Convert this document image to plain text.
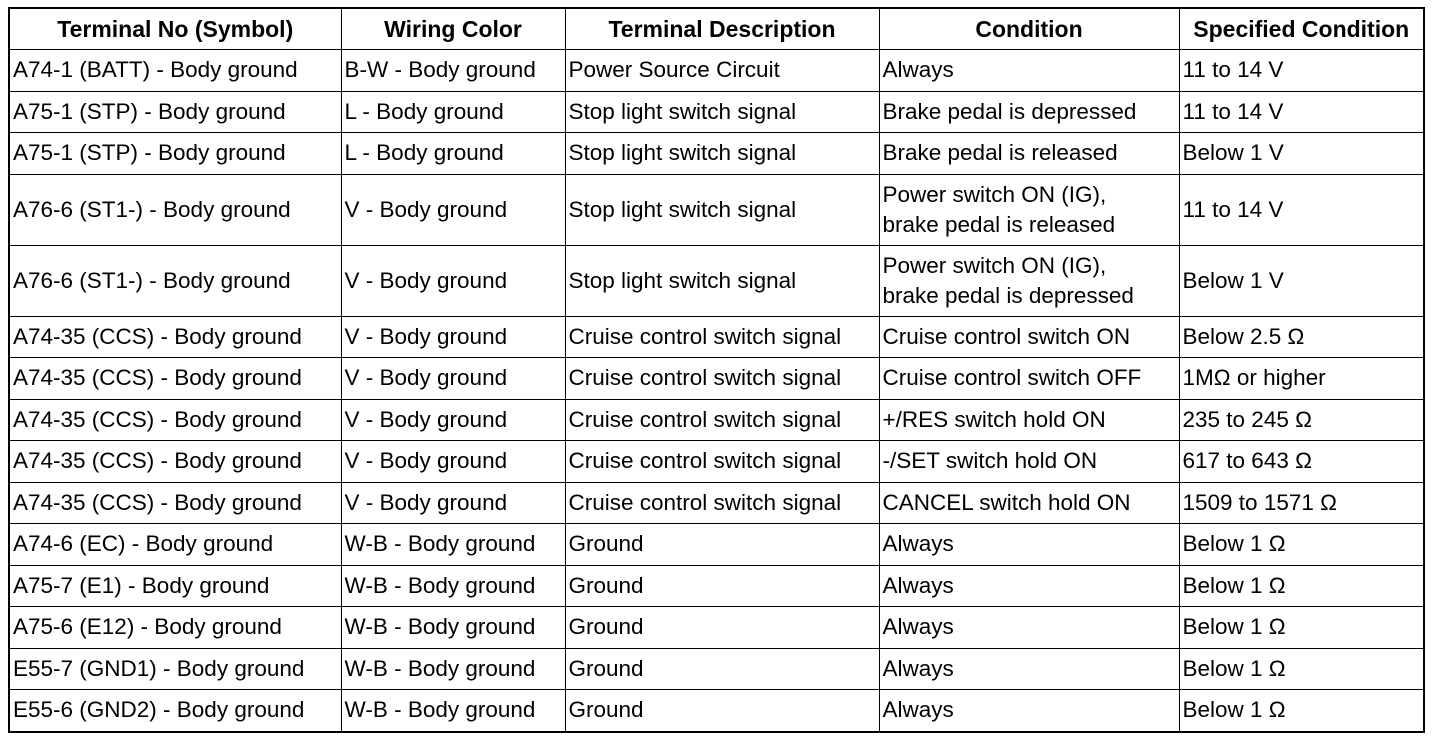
Terminal No (Symbol)	Wiring Color	Terminal Description	Condition	Specified Condition
A74-1 (BATT) - Body ground	B-W - Body ground	Power Source Circuit	Always	11 to 14 V
A75-1 (STP) - Body ground	L - Body ground	Stop light switch signal	Brake pedal is depressed	11 to 14 V
A75-1 (STP) - Body ground	L - Body ground	Stop light switch signal	Brake pedal is released	Below 1 V
A76-6 (ST1-) - Body ground	V - Body ground	Stop light switch signal	Power switch ON (IG),
brake pedal is released	11 to 14 V
A76-6 (ST1-) - Body ground	V - Body ground	Stop light switch signal	Power switch ON (IG),
brake pedal is depressed	Below 1 V
A74-35 (CCS) - Body ground	V - Body ground	Cruise control switch signal	Cruise control switch ON	Below 2.5 Ω
A74-35 (CCS) - Body ground	V - Body ground	Cruise control switch signal	Cruise control switch OFF	1MΩ or higher
A74-35 (CCS) - Body ground	V - Body ground	Cruise control switch signal	+/RES switch hold ON	235 to 245 Ω
A74-35 (CCS) - Body ground	V - Body ground	Cruise control switch signal	-/SET switch hold ON	617 to 643 Ω
A74-35 (CCS) - Body ground	V - Body ground	Cruise control switch signal	CANCEL switch hold ON	1509 to 1571 Ω
A74-6 (EC) - Body ground	W-B - Body ground	Ground	Always	Below 1 Ω
A75-7 (E1) - Body ground	W-B - Body ground	Ground	Always	Below 1 Ω
A75-6 (E12) - Body ground	W-B - Body ground	Ground	Always	Below 1 Ω
E55-7 (GND1) - Body ground	W-B - Body ground	Ground	Always	Below 1 Ω
E55-6 (GND2) - Body ground	W-B - Body ground	Ground	Always	Below 1 Ω
